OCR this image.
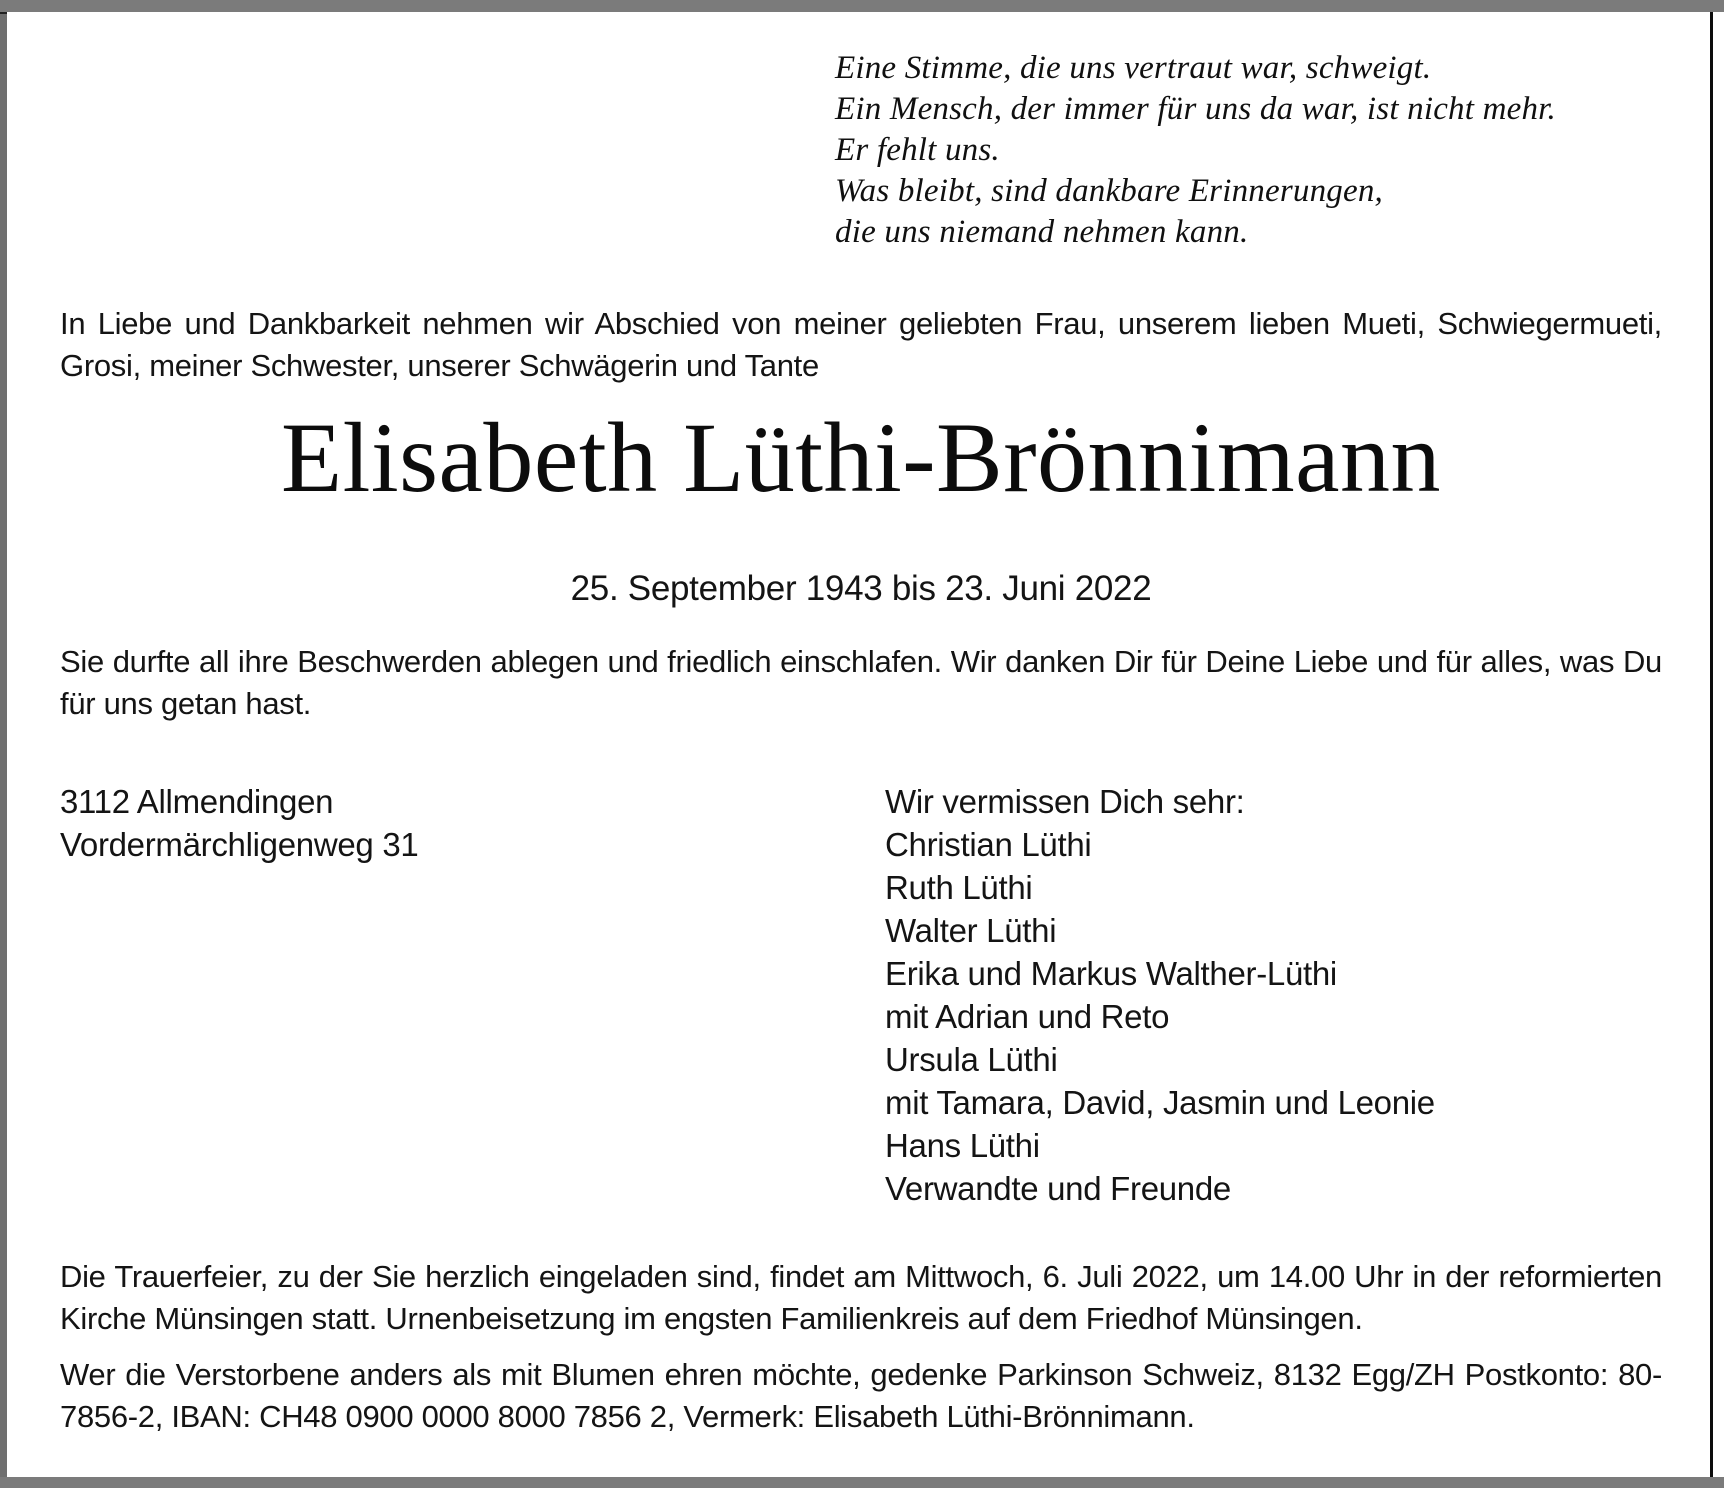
Eine Stimme, die uns vertraut war, schweigt.
Ein Mensch, der immer für uns da war, ist nicht mehr.
Er fehlt uns.
Was bleibt, sind dankbare Erinnerungen,
die uns niemand nehmen kann.
In Liebe und Dankbarkeit nehmen wir Abschied von meiner geliebten Frau, unserem lieben Mueti, Schwiegermueti, Grosi, meiner Schwester, unserer Schwägerin und Tante
Elisabeth Lüthi-Brönnimann
25. September 1943 bis 23. Juni 2022
Sie durfte all ihre Beschwerden ablegen und friedlich einschlafen. Wir danken Dir für Deine Liebe und für alles, was Du für uns getan hast.
3112 Allmendingen
Vordermärchligenweg 31
Wir vermissen Dich sehr:
Christian Lüthi
Ruth Lüthi
Walter Lüthi
Erika und Markus Walther-Lüthi
mit Adrian und Reto
Ursula Lüthi
mit Tamara, David, Jasmin und Leonie
Hans Lüthi
Verwandte und Freunde
Die Trauerfeier, zu der Sie herzlich eingeladen sind, findet am Mittwoch, 6. Juli 2022, um 14.00 Uhr in der reformierten Kirche Münsingen statt. Urnenbeisetzung im engsten Familienkreis auf dem Friedhof Münsingen.
Wer die Verstorbene anders als mit Blumen ehren möchte, gedenke Parkinson Schweiz, 8132 Egg/ZH Postkonto: 80-7856-2, IBAN: CH48 0900 0000 8000 7856 2, Vermerk: Elisabeth Lüthi-Brönnimann.
